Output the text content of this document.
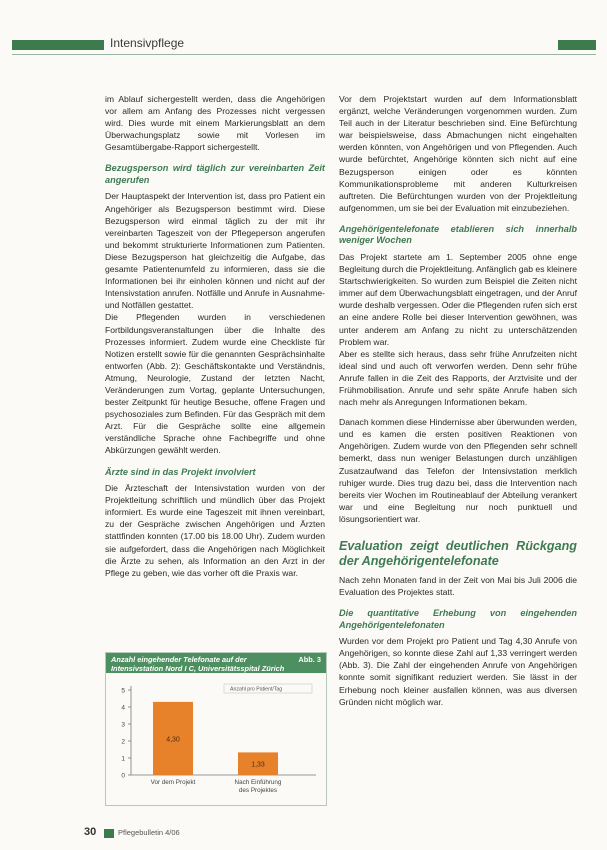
Intensivpflege

im Ablauf sichergestellt werden, dass die Angehörigen vor allem am Anfang des Prozesses nicht vergessen wird. Dies wurde mit einem Markierungsblatt an dem Überwachungsplatz sowie mit Vorlesen im Gesamtübergabe-Rapport sichergestellt.

Bezugsperson wird täglich zur vereinbarten Zeit angerufen

Der Hauptaspekt der Intervention ist, dass pro Patient ein Angehöriger als Bezugsperson bestimmt wird. Diese Bezugsperson wird einmal täglich zu der mit ihr vereinbarten Tageszeit von der Pflegeperson angerufen und bekommt strukturierte Informationen zum Patienten. Diese Bezugsperson hat gleichzeitig die Aufgabe, das gesamte Patientenumfeld zu informieren, dass sie die Informationen bei ihr einholen können und nicht auf der Intensivstation anrufen. Notfälle und Anrufe in Ausnahme- und Notfällen gestattet.

Die Pflegenden wurden in verschiedenen Fortbildungsveranstaltungen über die Inhalte des Prozesses informiert. Zudem wurde eine Checkliste für Notizen erstellt sowie für die genannten Gesprächsinhalte entworfen (Abb. 2): Geschäftskontakte und Verständnis, Atmung, Neurologie, Zustand der letzten Nacht, Veränderungen zum Vortag, geplante Untersuchungen, bester Zeitpunkt für heutige Besuche, offene Fragen und psychosoziales zum Befinden. Für das Gespräch mit dem Arzt. Für die Gespräche sollte eine allgemein verständliche Sprache ohne Fachbegriffe und ohne Abkürzungen gewählt werden.

Ärzte sind in das Projekt involviert

Die Ärzteschaft der Intensivstation wurden von der Projektleitung schriftlich und mündlich über das Projekt informiert. Es wurde eine Tageszeit mit ihnen vereinbart, zu der Gespräche zwischen Angehörigen und Ärzten stattfinden konnten (17.00 bis 18.00 Uhr). Zudem wurden sie aufgefordert, dass die Angehörigen nach Möglichkeit die Ärzte zu sehen, als Information an den Arzt in der Pflege zu geben, wie das vorher oft die Praxis war.

Vor dem Projektstart wurden auf dem Informationsblatt ergänzt, welche Veränderungen vorgenommen wurden. Zum Teil auch in der Literatur beschrieben sind. Eine Befürchtung war beispielsweise, dass Abmachungen nicht eingehalten werden könnten, von Angehörigen und von Pflegenden. Auch wurde befürchtet, Angehörige könnten sich nicht auf eine Bezugsperson einigen oder es könnten Kommunikationsprobleme mit anderen Kulturkreisen auftreten. Die Befürchtungen wurden von der Projektleitung aufgenommen, um sie bei der Evaluation mit einzubeziehen.

Angehörigentelefonate etablieren sich innerhalb weniger Wochen

Das Projekt startete am 1. September 2005 ohne enge Begleitung durch die Projektleitung. Anfänglich gab es kleinere Startschwierigkeiten. So wurden zum Beispiel die Zeiten nicht immer auf dem Überwachungsblatt eingetragen, und der Anruf wurde deshalb vergessen. Oder die Pflegenden rufen sich erst an eine andere Rolle bei dieser Intervention gewöhnen, was unter anderem am Anfang zu nicht zu unterschätzenden Problem war.

Aber es stellte sich heraus, dass sehr frühe Anrufzeiten nicht ideal sind und auch oft verworfen werden. Denn sehr frühe Anrufe fallen in die Zeit des Rapports, der Arztvisite und der Frühmobilisation. Anrufe und sehr späte Anrufe haben sich nach mehr als Anregungen Informationen bekam.

Danach kommen diese Hindernisse aber überwunden werden, und es kamen die ersten positiven Reaktionen von Angehörigen. Zudem wurde von den Pflegenden sehr schnell bemerkt, dass nun weniger Belastungen durch unzähligen Zusatzaufwand das Telefon der Intensivstation merklich ruhiger wurde. Dies trug dazu bei, dass die Intervention nach bereits vier Wochen im Routineablauf der Abteilung verankert war und eine Begleitung nur noch punktuell und lösungsorientiert war.

Evaluation zeigt deutlichen Rückgang der Angehörigentelefonate

Nach zehn Monaten fand in der Zeit von Mai bis Juli 2006 die Evaluation des Projektes statt.

Die quantitative Erhebung von eingehenden Angehörigentelefonaten

Wurden vor dem Projekt pro Patient und Tag 4,30 Anrufe von Angehörigen, so konnte diese Zahl auf 1,33 verringert werden (Abb. 3). Die Zahl der eingehenden Anrufe von Angehörigen konnte somit signifikant reduziert werden. Sie lässt in der Erhebung noch kleiner ausfallen können, was aus diversen Gründen nicht möglich war.

Anzahl eingehender Telefonate auf der
Intensivstation Nord I C, Universitätsspital Zürich
Abb. 3
0
1
2
3
4
5	Anzahl pro Patient/Tag
4,30
1,33
Vor dem Projekt	Nach Einführung
des Projektes
30	Pflegebulletin 4/06
